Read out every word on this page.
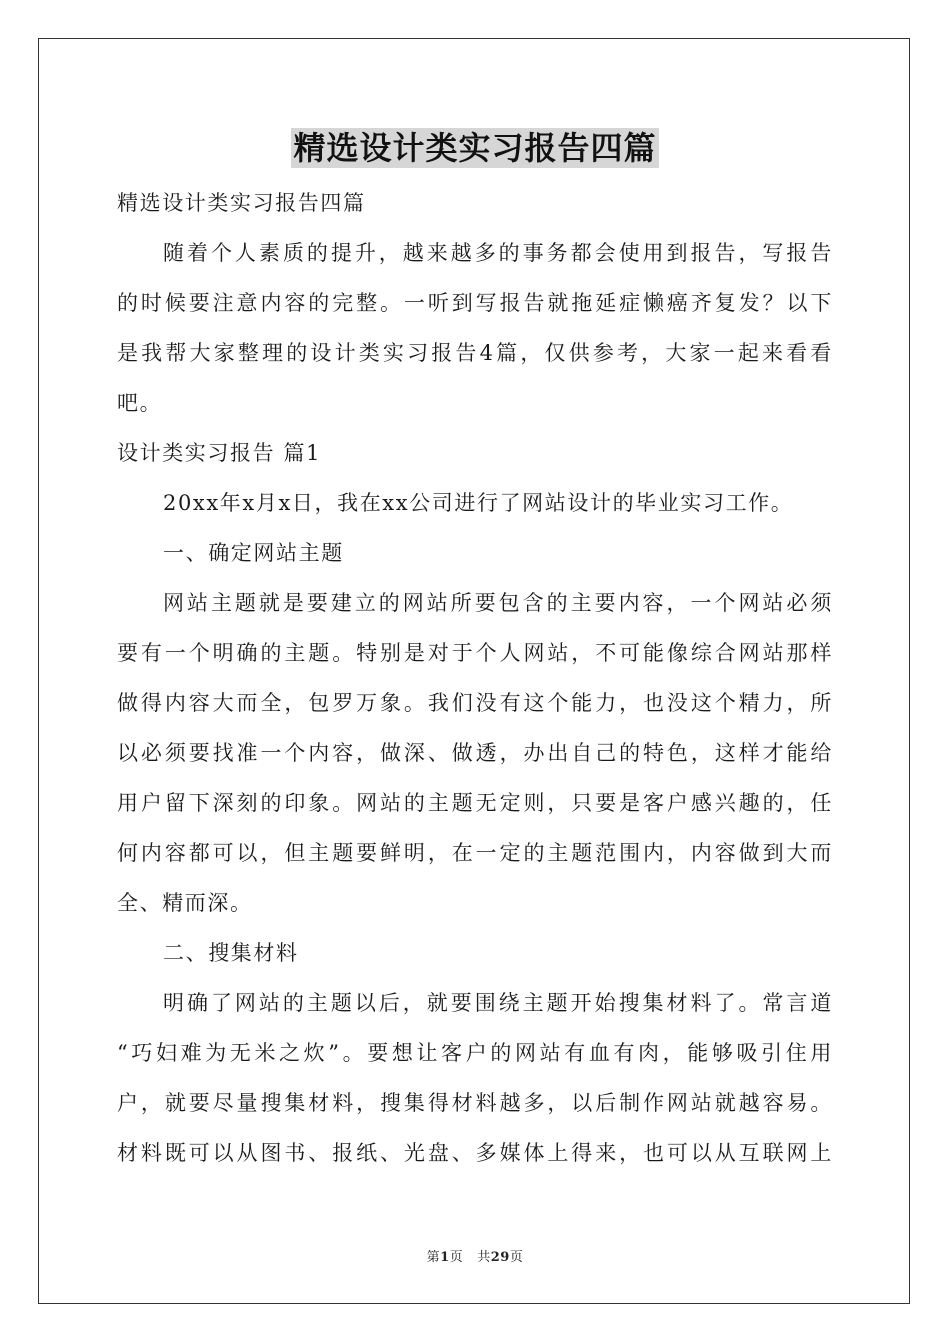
精选设计类实习报告四篇
精选设计类实习报告四篇
随着个人素质的提升，越来越多的事务都会使用到报告，写报告
的时候要注意内容的完整。一听到写报告就拖延症懒癌齐复发？以下
是我帮大家整理的设计类实习报告4篇，仅供参考，大家一起来看看
吧。
设计类实习报告 篇1
20xx年x月x日，我在xx公司进行了网站设计的毕业实习工作。
一、确定网站主题
网站主题就是要建立的网站所要包含的主要内容，一个网站必须
要有一个明确的主题。特别是对于个人网站，不可能像综合网站那样
做得内容大而全，包罗万象。我们没有这个能力，也没这个精力，所
以必须要找准一个内容，做深、做透，办出自己的特色，这样才能给
用户留下深刻的印象。网站的主题无定则，只要是客户感兴趣的，任
何内容都可以，但主题要鲜明，在一定的主题范围内，内容做到大而
全、精而深。
二、搜集材料
明确了网站的主题以后，就要围绕主题开始搜集材料了。常言道
“巧妇难为无米之炊”。要想让客户的网站有血有肉，能够吸引住用
户，就要尽量搜集材料，搜集得材料越多，以后制作网站就越容易。
材料既可以从图书、报纸、光盘、多媒体上得来，也可以从互联网上
第1页 共29页
